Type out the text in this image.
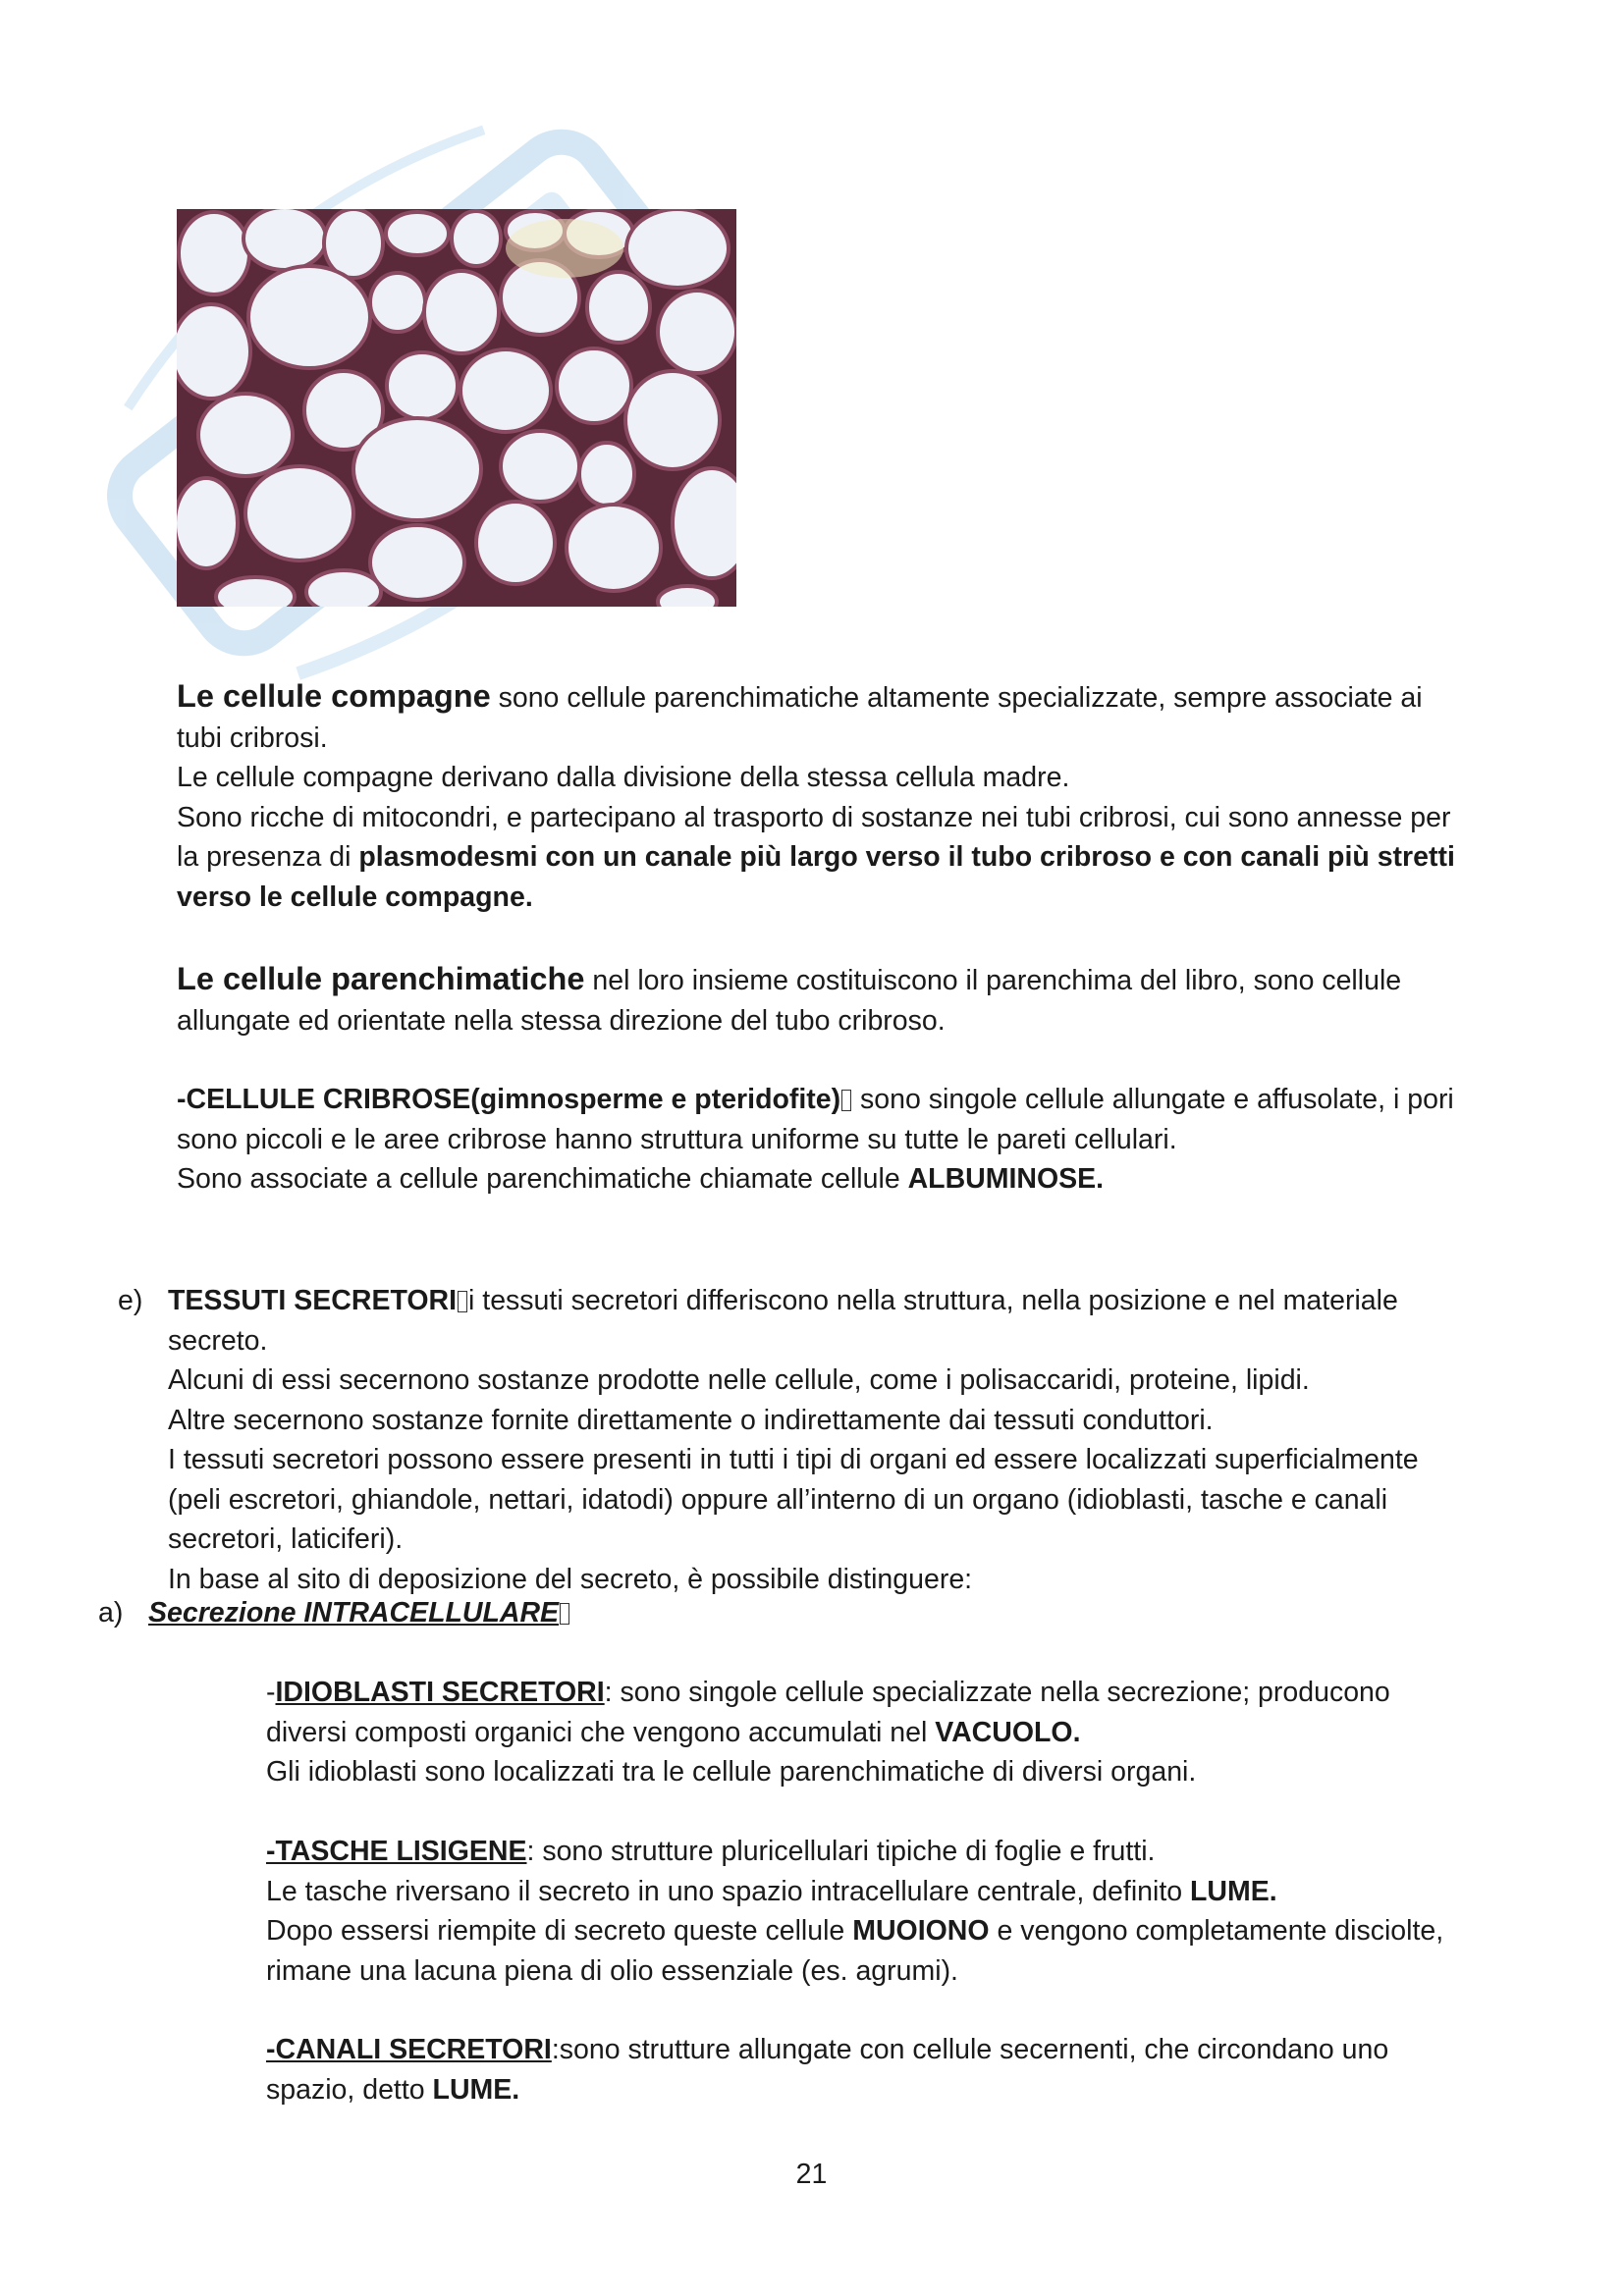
Le cellule compagne sono cellule parenchimatiche altamente specializzate, sempre associate ai
tubi cribrosi.
Le cellule compagne derivano dalla divisione della stessa cellula madre.
Sono ricche di mitocondri, e partecipano al trasporto di sostanze nei tubi cribrosi, cui sono annesse per
la presenza di plasmodesmi con un canale più largo verso il tubo cribroso e con canali più stretti
verso le cellule compagne.
Le cellule parenchimatiche nel loro insieme costituiscono il parenchima del libro, sono cellule
allungate ed orientate nella stessa direzione del tubo cribroso.
-CELLULE CRIBROSE(gimnosperme e pteridofite) sono singole cellule allungate e affusolate, i pori
sono piccoli e le aree cribrose hanno struttura uniforme su tutte le pareti cellulari.
Sono associate a cellule parenchimatiche chiamate cellule ALBUMINOSE.
e) TESSUTI SECRETORI i tessuti secretori differiscono nella struttura, nella posizione e nel materiale
secreto.
Alcuni di essi secernono sostanze prodotte nelle cellule, come i polisaccaridi, proteine, lipidi.
Altre secernono sostanze fornite direttamente o indirettamente dai tessuti conduttori.
I tessuti secretori possono essere presenti in tutti i tipi di organi ed essere localizzati superficialmente
(peli escretori, ghiandole, nettari, idatodi) oppure all’interno di un organo (idioblasti, tasche e canali
secretori, laticiferi).
In base al sito di deposizione del secreto, è possibile distinguere:
a) Secrezione INTRACELLULARE
-IDIOBLASTI SECRETORI: sono singole cellule specializzate nella secrezione; producono
diversi composti organici che vengono accumulati nel VACUOLO.
Gli idioblasti sono localizzati tra le cellule parenchimatiche di diversi organi.
-TASCHE LISIGENE: sono strutture pluricellulari tipiche di foglie e frutti.
Le tasche riversano il secreto in uno spazio intracellulare centrale, definito LUME.
Dopo essersi riempite di secreto queste cellule MUOIONO e vengono completamente disciolte,
rimane una lacuna piena di olio essenziale (es. agrumi).
-CANALI SECRETORI:sono strutture allungate con cellule secernenti, che circondano uno
spazio, detto LUME.
21
